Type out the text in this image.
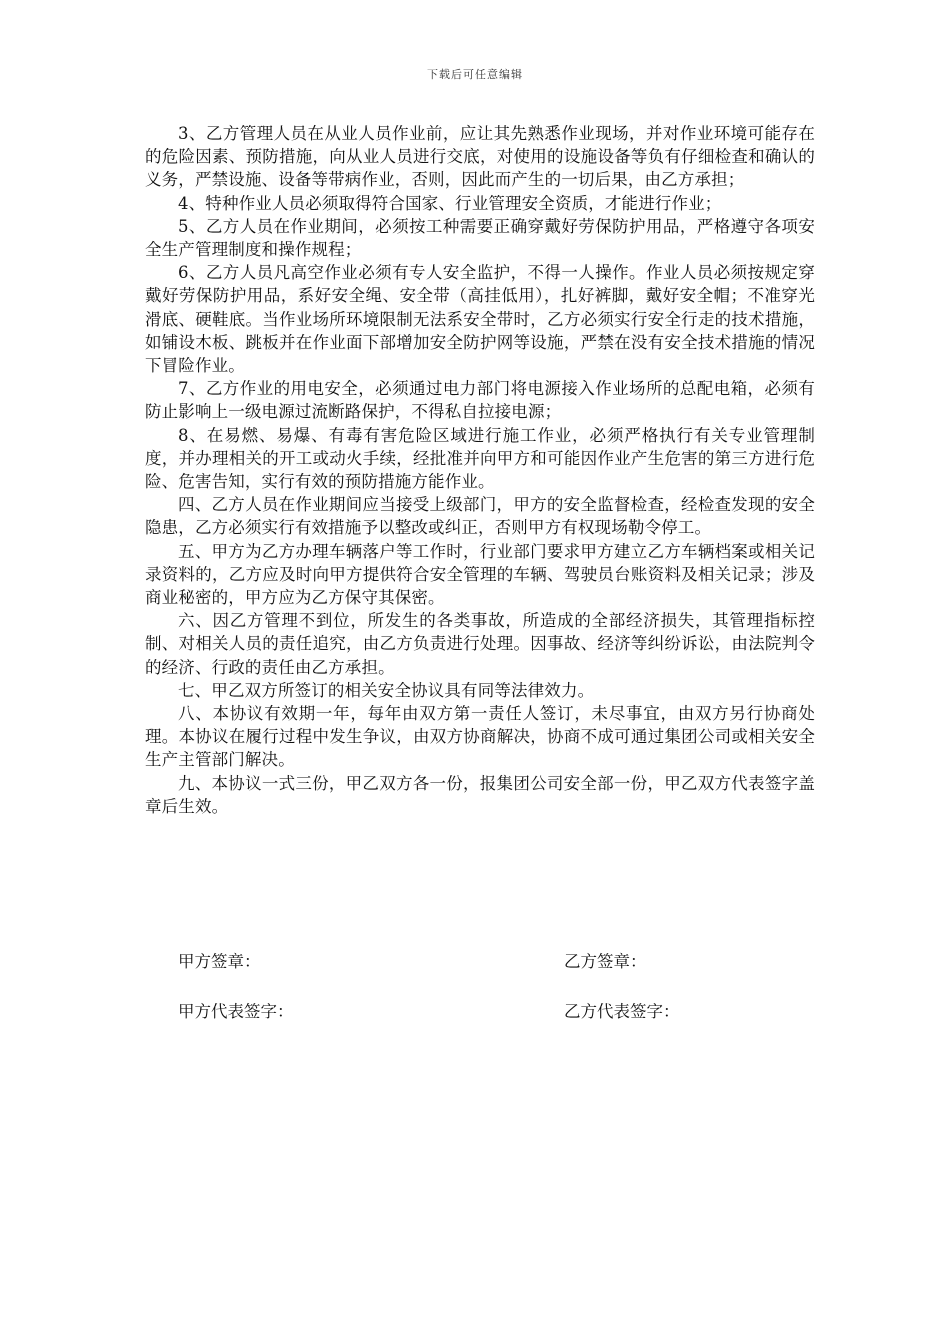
下载后可任意编辑

3、乙方管理人员在从业人员作业前，应让其先熟悉作业现场，并对作业环境可能存在的危险因素、预防措施，向从业人员进行交底，对使用的设施设备等负有仔细检查和确认的义务，严禁设施、设备等带病作业，否则，因此而产生的一切后果，由乙方承担；

4、特种作业人员必须取得符合国家、行业管理安全资质，才能进行作业；

5、乙方人员在作业期间，必须按工种需要正确穿戴好劳保防护用品，严格遵守各项安全生产管理制度和操作规程；

6、乙方人员凡高空作业必须有专人安全监护，不得一人操作。作业人员必须按规定穿戴好劳保防护用品，系好安全绳、安全带（高挂低用），扎好裤脚，戴好安全帽；不准穿光滑底、硬鞋底。当作业场所环境限制无法系安全带时，乙方必须实行安全行走的技术措施，如铺设木板、跳板并在作业面下部增加安全防护网等设施，严禁在没有安全技术措施的情况下冒险作业。

7、乙方作业的用电安全，必须通过电力部门将电源接入作业场所的总配电箱，必须有防止影响上一级电源过流断路保护，不得私自拉接电源；

8、在易燃、易爆、有毒有害危险区域进行施工作业，必须严格执行有关专业管理制度，并办理相关的开工或动火手续，经批准并向甲方和可能因作业产生危害的第三方进行危险、危害告知，实行有效的预防措施方能作业。

四、乙方人员在作业期间应当接受上级部门，甲方的安全监督检查，经检查发现的安全隐患，乙方必须实行有效措施予以整改或纠正，否则甲方有权现场勒令停工。

五、甲方为乙方办理车辆落户等工作时，行业部门要求甲方建立乙方车辆档案或相关记录资料的，乙方应及时向甲方提供符合安全管理的车辆、驾驶员台账资料及相关记录；涉及商业秘密的，甲方应为乙方保守其保密。

六、因乙方管理不到位，所发生的各类事故，所造成的全部经济损失，其管理指标控制、对相关人员的责任追究，由乙方负责进行处理。因事故、经济等纠纷诉讼，由法院判令的经济、行政的责任由乙方承担。

七、甲乙双方所签订的相关安全协议具有同等法律效力。

八、本协议有效期一年，每年由双方第一责任人签订，未尽事宜，由双方另行协商处理。本协议在履行过程中发生争议，由双方协商解决，协商不成可通过集团公司或相关安全生产主管部门解决。

九、本协议一式三份，甲乙双方各一份，报集团公司安全部一份，甲乙双方代表签字盖章后生效。

甲方签章：	乙方签章：
甲方代表签字：	乙方代表签字：
